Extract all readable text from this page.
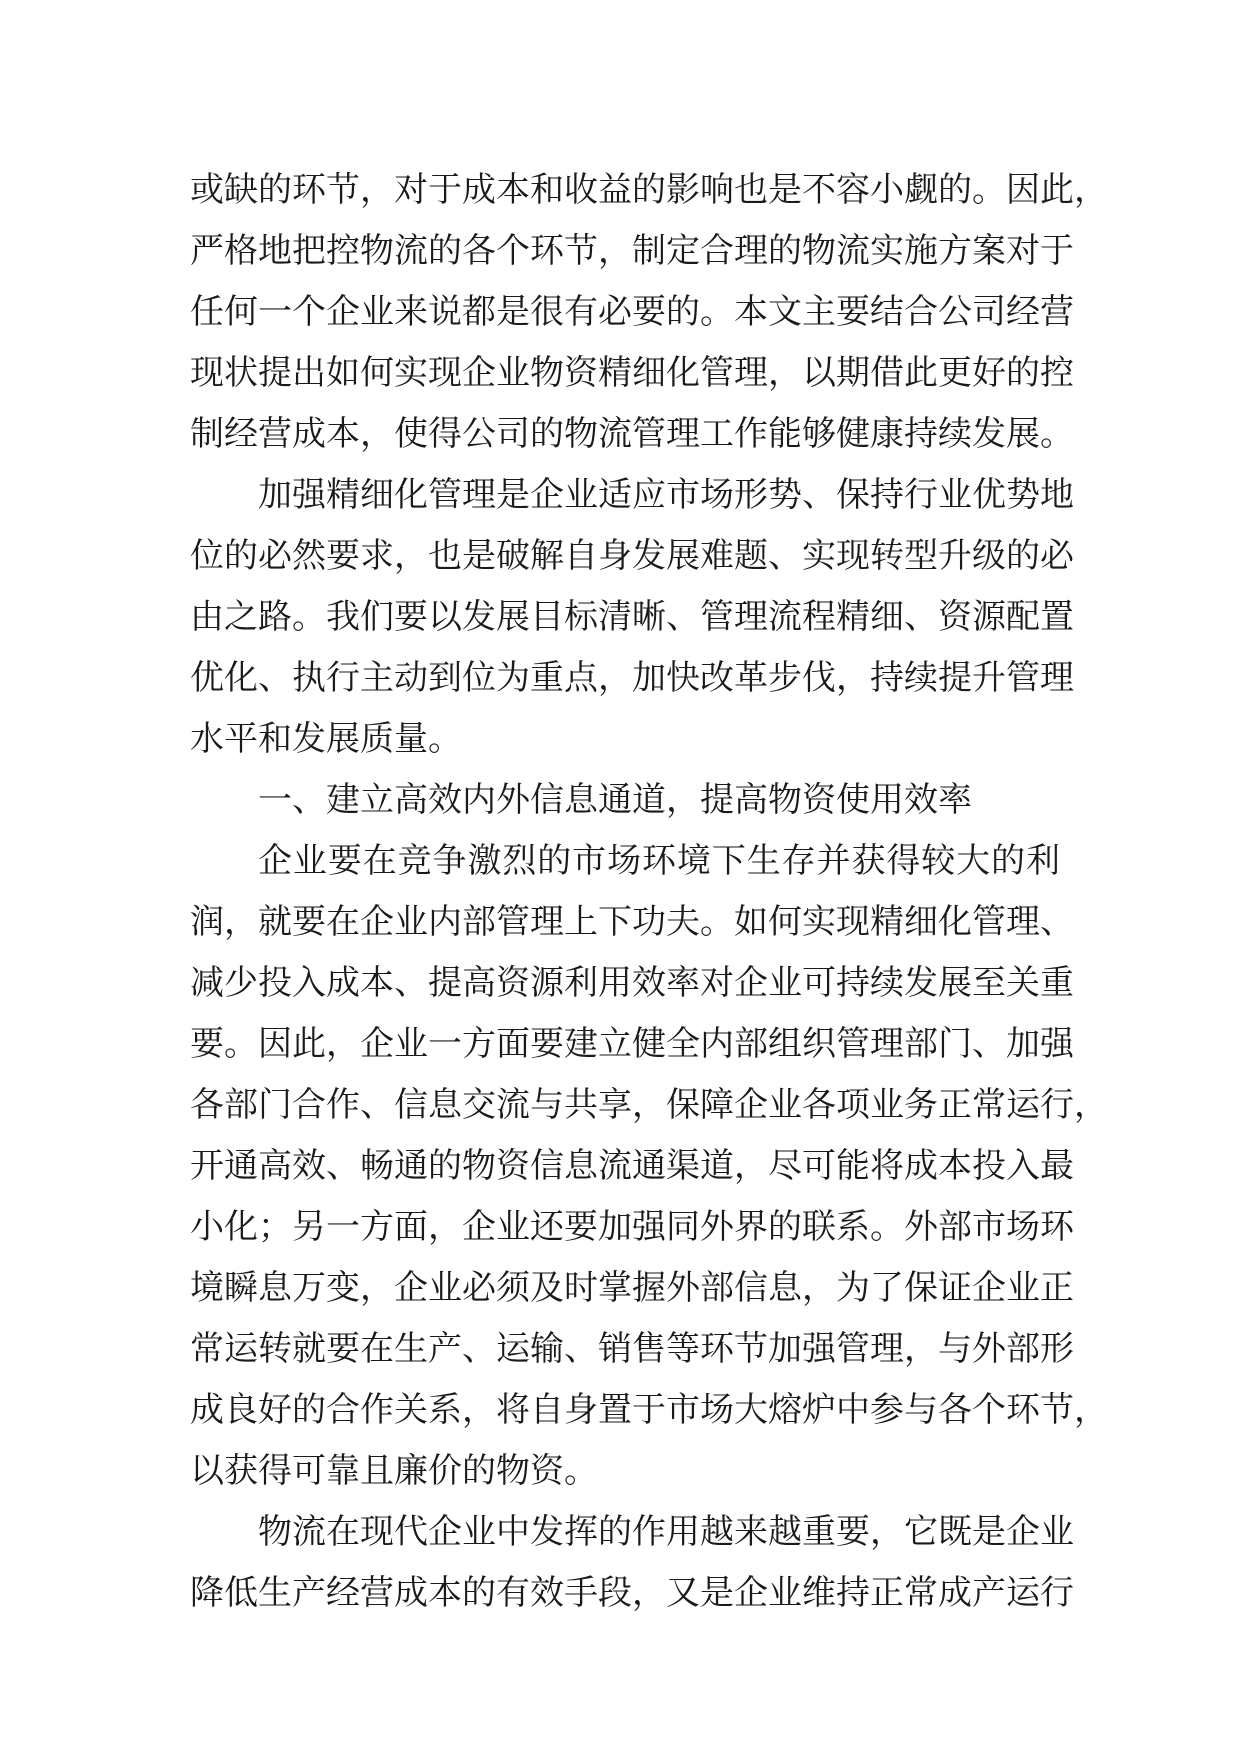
或缺的环节，对于成本和收益的影响也是不容小觑的。因此，
严格地把控物流的各个环节，制定合理的物流实施方案对于
任何一个企业来说都是很有必要的。本文主要结合公司经营
现状提出如何实现企业物资精细化管理，以期借此更好的控
制经营成本，使得公司的物流管理工作能够健康持续发展。
加强精细化管理是企业适应市场形势、保持行业优势地
位的必然要求，也是破解自身发展难题、实现转型升级的必
由之路。我们要以发展目标清晰、管理流程精细、资源配置
优化、执行主动到位为重点，加快改革步伐，持续提升管理
水平和发展质量。
一、建立高效内外信息通道，提高物资使用效率
企业要在竞争激烈的市场环境下生存并获得较大的利
润，就要在企业内部管理上下功夫。如何实现精细化管理、
减少投入成本、提高资源利用效率对企业可持续发展至关重
要。因此，企业一方面要建立健全内部组织管理部门、加强
各部门合作、信息交流与共享，保障企业各项业务正常运行，
开通高效、畅通的物资信息流通渠道，尽可能将成本投入最
小化；另一方面，企业还要加强同外界的联系。外部市场环
境瞬息万变，企业必须及时掌握外部信息，为了保证企业正
常运转就要在生产、运输、销售等环节加强管理，与外部形
成良好的合作关系，将自身置于市场大熔炉中参与各个环节，
以获得可靠且廉价的物资。
物流在现代企业中发挥的作用越来越重要，它既是企业
降低生产经营成本的有效手段，又是企业维持正常成产运行
